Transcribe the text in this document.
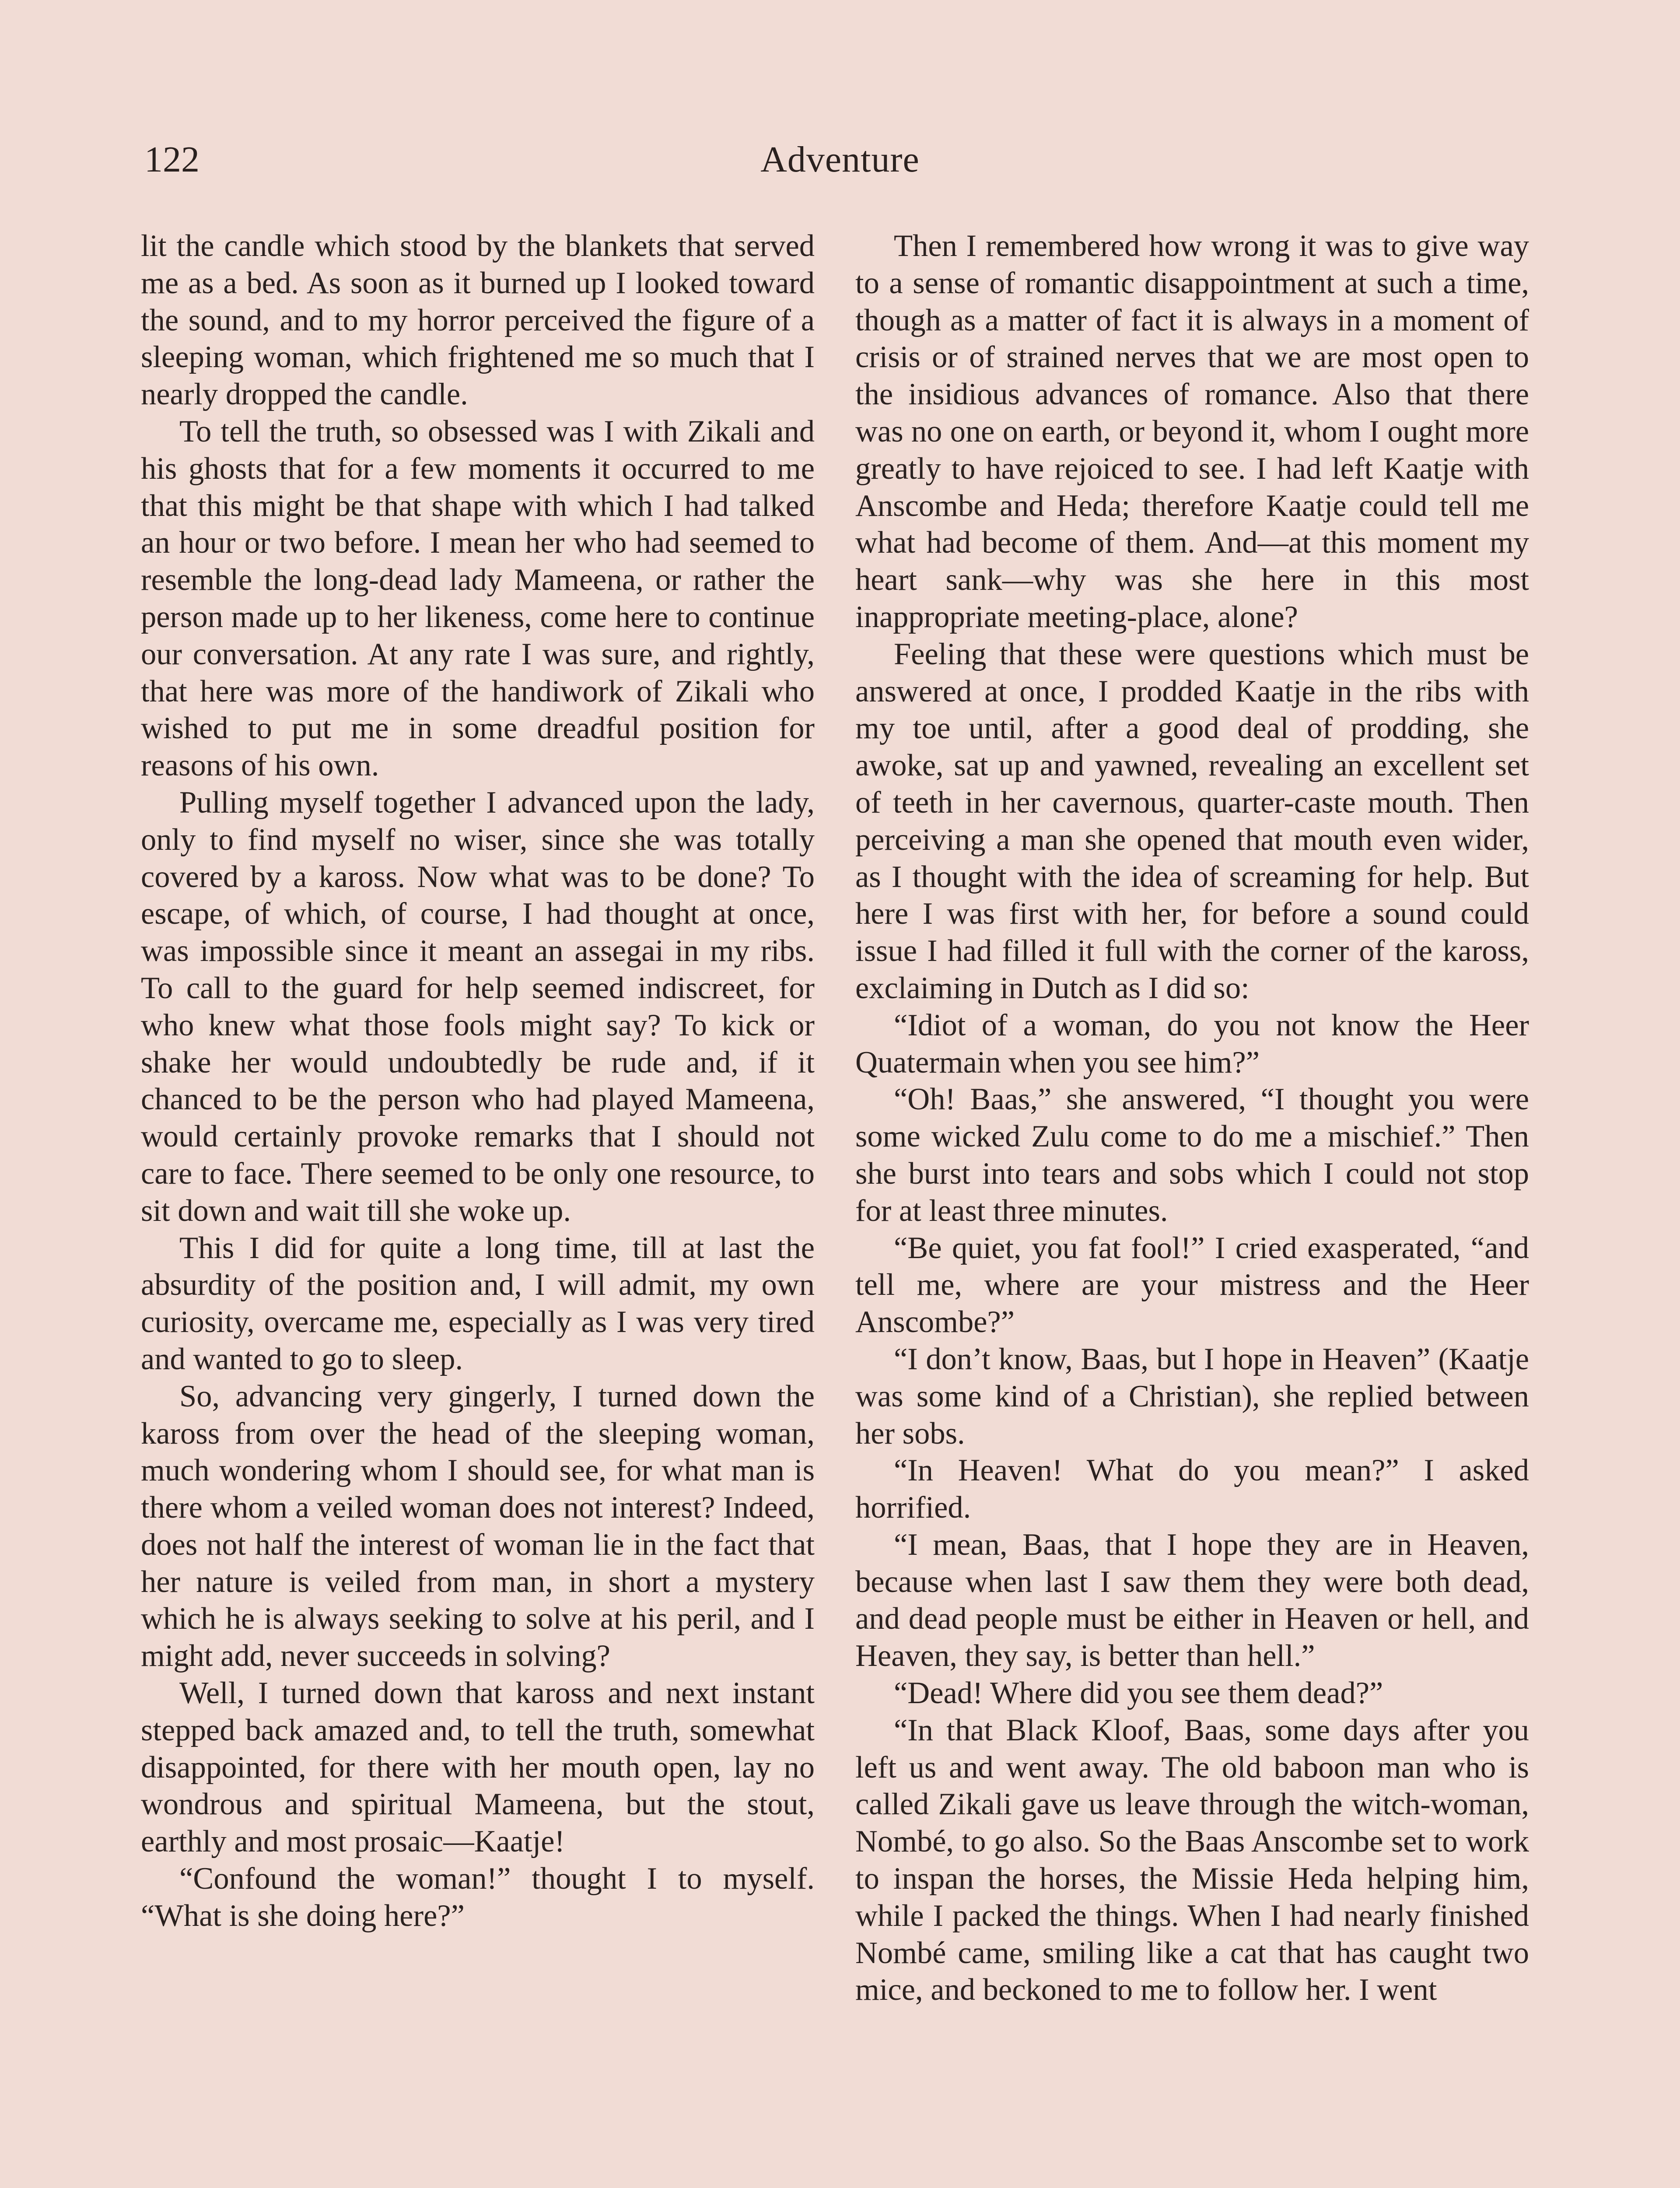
122	Adventure

lit the candle which stood by the blankets that served me as a bed. As soon as it burned up I looked toward the sound, and to my horror perceived the figure of a sleeping woman, which frightened me so much that I nearly dropped the candle.

To tell the truth, so obsessed was I with Zikali and his ghosts that for a few moments it occurred to me that this might be that shape with which I had talked an hour or two before. I mean her who had seemed to resemble the long-dead lady Mameena, or rather the person made up to her likeness, come here to continue our conversation. At any rate I was sure, and rightly, that here was more of the handiwork of Zikali who wished to put me in some dreadful position for reasons of his own.

Pulling myself together I advanced upon the lady, only to find myself no wiser, since she was totally covered by a kaross. Now what was to be done? To escape, of which, of course, I had thought at once, was impossible since it meant an assegai in my ribs. To call to the guard for help seemed indiscreet, for who knew what those fools might say? To kick or shake her would undoubtedly be rude and, if it chanced to be the person who had played Mameena, would certainly provoke remarks that I should not care to face. There seemed to be only one resource, to sit down and wait till she woke up.

This I did for quite a long time, till at last the absurdity of the position and, I will admit, my own curiosity, overcame me, especially as I was very tired and wanted to go to sleep.

So, advancing very gingerly, I turned down the kaross from over the head of the sleeping woman, much wondering whom I should see, for what man is there whom a veiled woman does not interest? Indeed, does not half the interest of woman lie in the fact that her nature is veiled from man, in short a mystery which he is always seeking to solve at his peril, and I might add, never succeeds in solving?

Well, I turned down that kaross and next instant stepped back amazed and, to tell the truth, somewhat disappointed, for there with her mouth open, lay no wondrous and spiritual Mameena, but the stout, earthly and most prosaic—Kaatje!

“Confound the woman!” thought I to myself. “What is she doing here?”

Then I remembered how wrong it was to give way to a sense of romantic disappointment at such a time, though as a matter of fact it is always in a moment of crisis or of strained nerves that we are most open to the insidious advances of romance. Also that there was no one on earth, or beyond it, whom I ought more greatly to have rejoiced to see. I had left Kaatje with Anscombe and Heda; therefore Kaatje could tell me what had become of them. And—at this moment my heart sank—why was she here in this most inappropriate meeting-place, alone?

Feeling that these were questions which must be answered at once, I prodded Kaatje in the ribs with my toe until, after a good deal of prodding, she awoke, sat up and yawned, revealing an excellent set of teeth in her cavernous, quarter-caste mouth. Then perceiving a man she opened that mouth even wider, as I thought with the idea of screaming for help. But here I was first with her, for before a sound could issue I had filled it full with the corner of the kaross, exclaiming in Dutch as I did so:

“Idiot of a woman, do you not know the Heer Quatermain when you see him?”

“Oh! Baas,” she answered, “I thought you were some wicked Zulu come to do me a mischief.” Then she burst into tears and sobs which I could not stop for at least three minutes.

“Be quiet, you fat fool!” I cried exasperated, “and tell me, where are your mistress and the Heer Anscombe?”

“I don’t know, Baas, but I hope in Heaven” (Kaatje was some kind of a Christian), she replied between her sobs.

“In Heaven! What do you mean?” I asked horrified.

“I mean, Baas, that I hope they are in Heaven, because when last I saw them they were both dead, and dead people must be either in Heaven or hell, and Heaven, they say, is better than hell.”

“Dead! Where did you see them dead?”

“In that Black Kloof, Baas, some days after you left us and went away. The old baboon man who is called Zikali gave us leave through the witch-woman, Nombé, to go also. So the Baas Anscombe set to work to inspan the horses, the Missie Heda helping him, while I packed the things. When I had nearly finished Nombé came, smiling like a cat that has caught two mice, and beckoned to me to follow her. I went
